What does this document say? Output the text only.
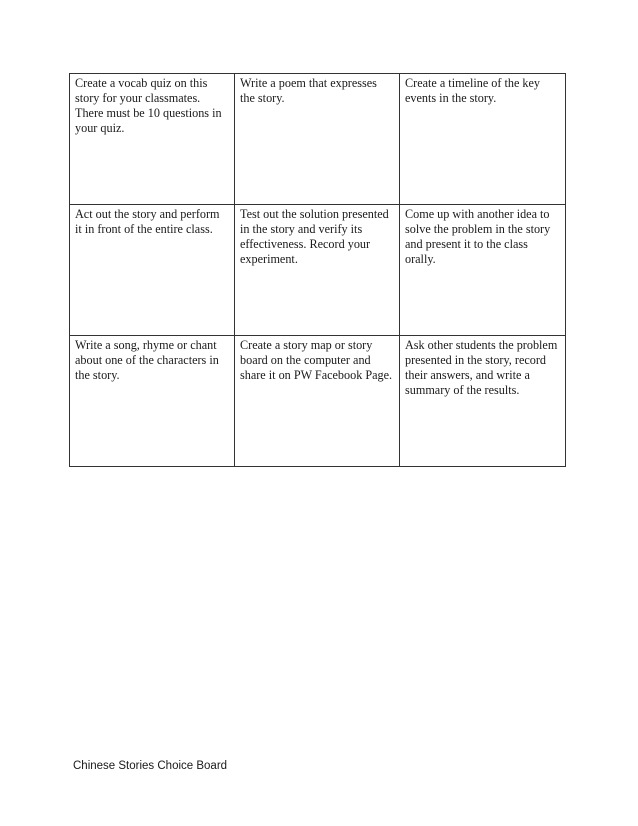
Create a vocab quiz on this story for your classmates. There must be 10 questions in your quiz.	Write a poem that expresses the story.	Create a timeline of the key events in the story.
Act out the story and perform it in front of the entire class.	Test out the solution presented in the story and verify its effectiveness. Record your experiment.	Come up with another idea to solve the problem in the story and present it to the class orally.
Write a song, rhyme or chant about one of the characters in the story.	Create a story map or story board on the computer and share it on PW Facebook Page.	Ask other students the problem presented in the story, record their answers, and write a summary of the results.
Chinese Stories Choice Board
